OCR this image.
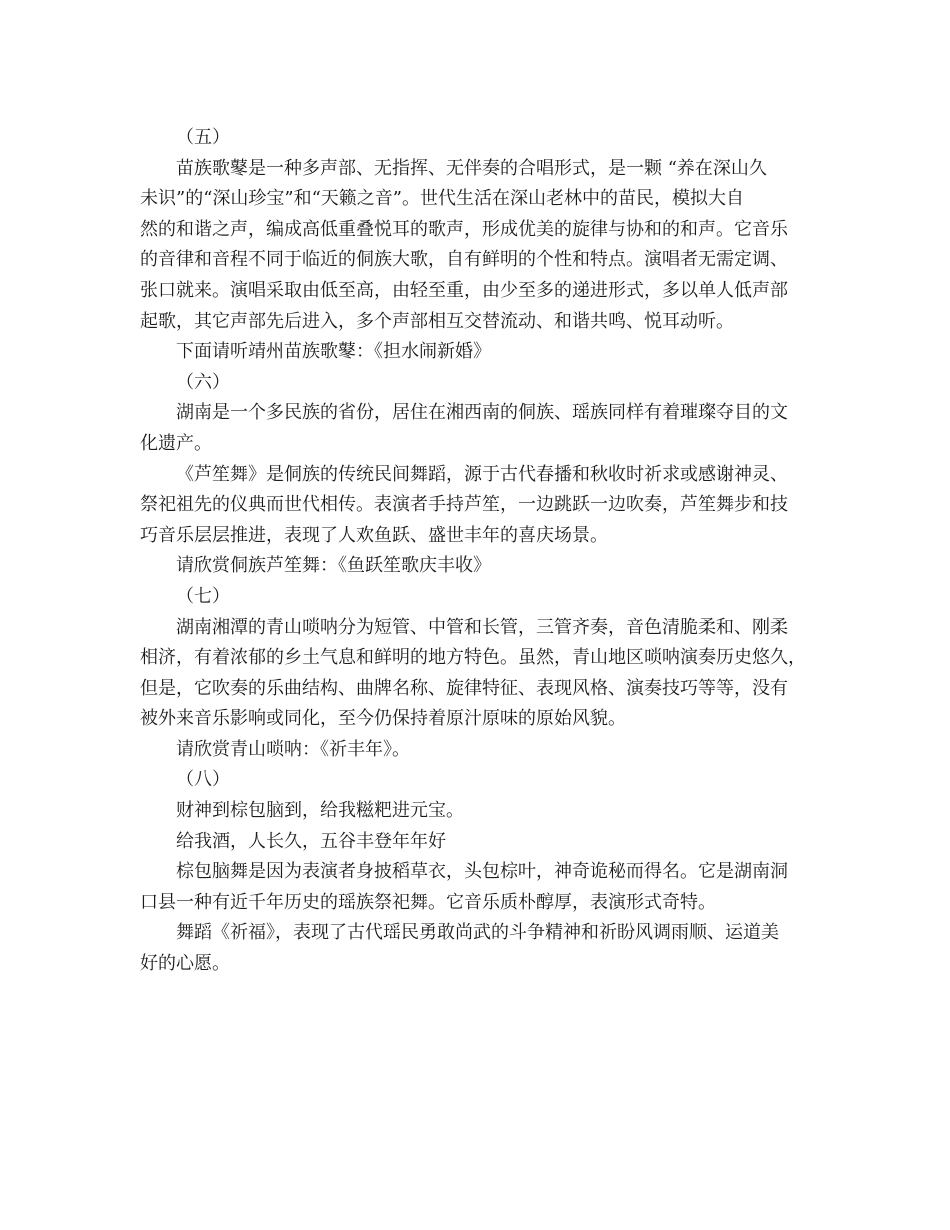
（五）
苗族歌鼕是一种多声部、无指挥、无伴奏的合唱形式，是一颗 “养在深山久
未识”的“深山珍宝”和“天籁之音”。世代生活在深山老林中的苗民，模拟大自
然的和谐之声，编成高低重叠悦耳的歌声，形成优美的旋律与协和的和声。它音乐
的音律和音程不同于临近的侗族大歌，自有鲜明的个性和特点。演唱者无需定调、
张口就来。演唱采取由低至高，由轻至重，由少至多的递进形式，多以单人低声部
起歌，其它声部先后进入，多个声部相互交替流动、和谐共鸣、悦耳动听。
下面请听靖州苗族歌鼕：《担水闹新婚》
（六）
湖南是一个多民族的省份，居住在湘西南的侗族、瑶族同样有着璀璨夺目的文
化遗产。
《芦笙舞》是侗族的传统民间舞蹈，源于古代春播和秋收时祈求或感谢神灵、
祭祀祖先的仪典而世代相传。表演者手持芦笙，一边跳跃一边吹奏，芦笙舞步和技
巧音乐层层推进，表现了人欢鱼跃、盛世丰年的喜庆场景。
请欣赏侗族芦笙舞：《鱼跃笙歌庆丰收》
（七）
湖南湘潭的青山唢呐分为短管、中管和长管，三管齐奏，音色清脆柔和、刚柔
相济，有着浓郁的乡土气息和鲜明的地方特色。虽然，青山地区唢呐演奏历史悠久，
但是，它吹奏的乐曲结构、曲牌名称、旋律特征、表现风格、演奏技巧等等，没有
被外来音乐影响或同化，至今仍保持着原汁原味的原始风貌。
请欣赏青山唢呐：《祈丰年》。
（八）
财神到棕包脑到，给我糍粑进元宝。
给我酒，人长久，五谷丰登年年好
棕包脑舞是因为表演者身披稻草衣，头包棕叶，神奇诡秘而得名。它是湖南洞
口县一种有近千年历史的瑶族祭祀舞。它音乐质朴醇厚，表演形式奇特。
舞蹈《祈福》，表现了古代瑶民勇敢尚武的斗争精神和祈盼风调雨顺、运道美
好的心愿。
